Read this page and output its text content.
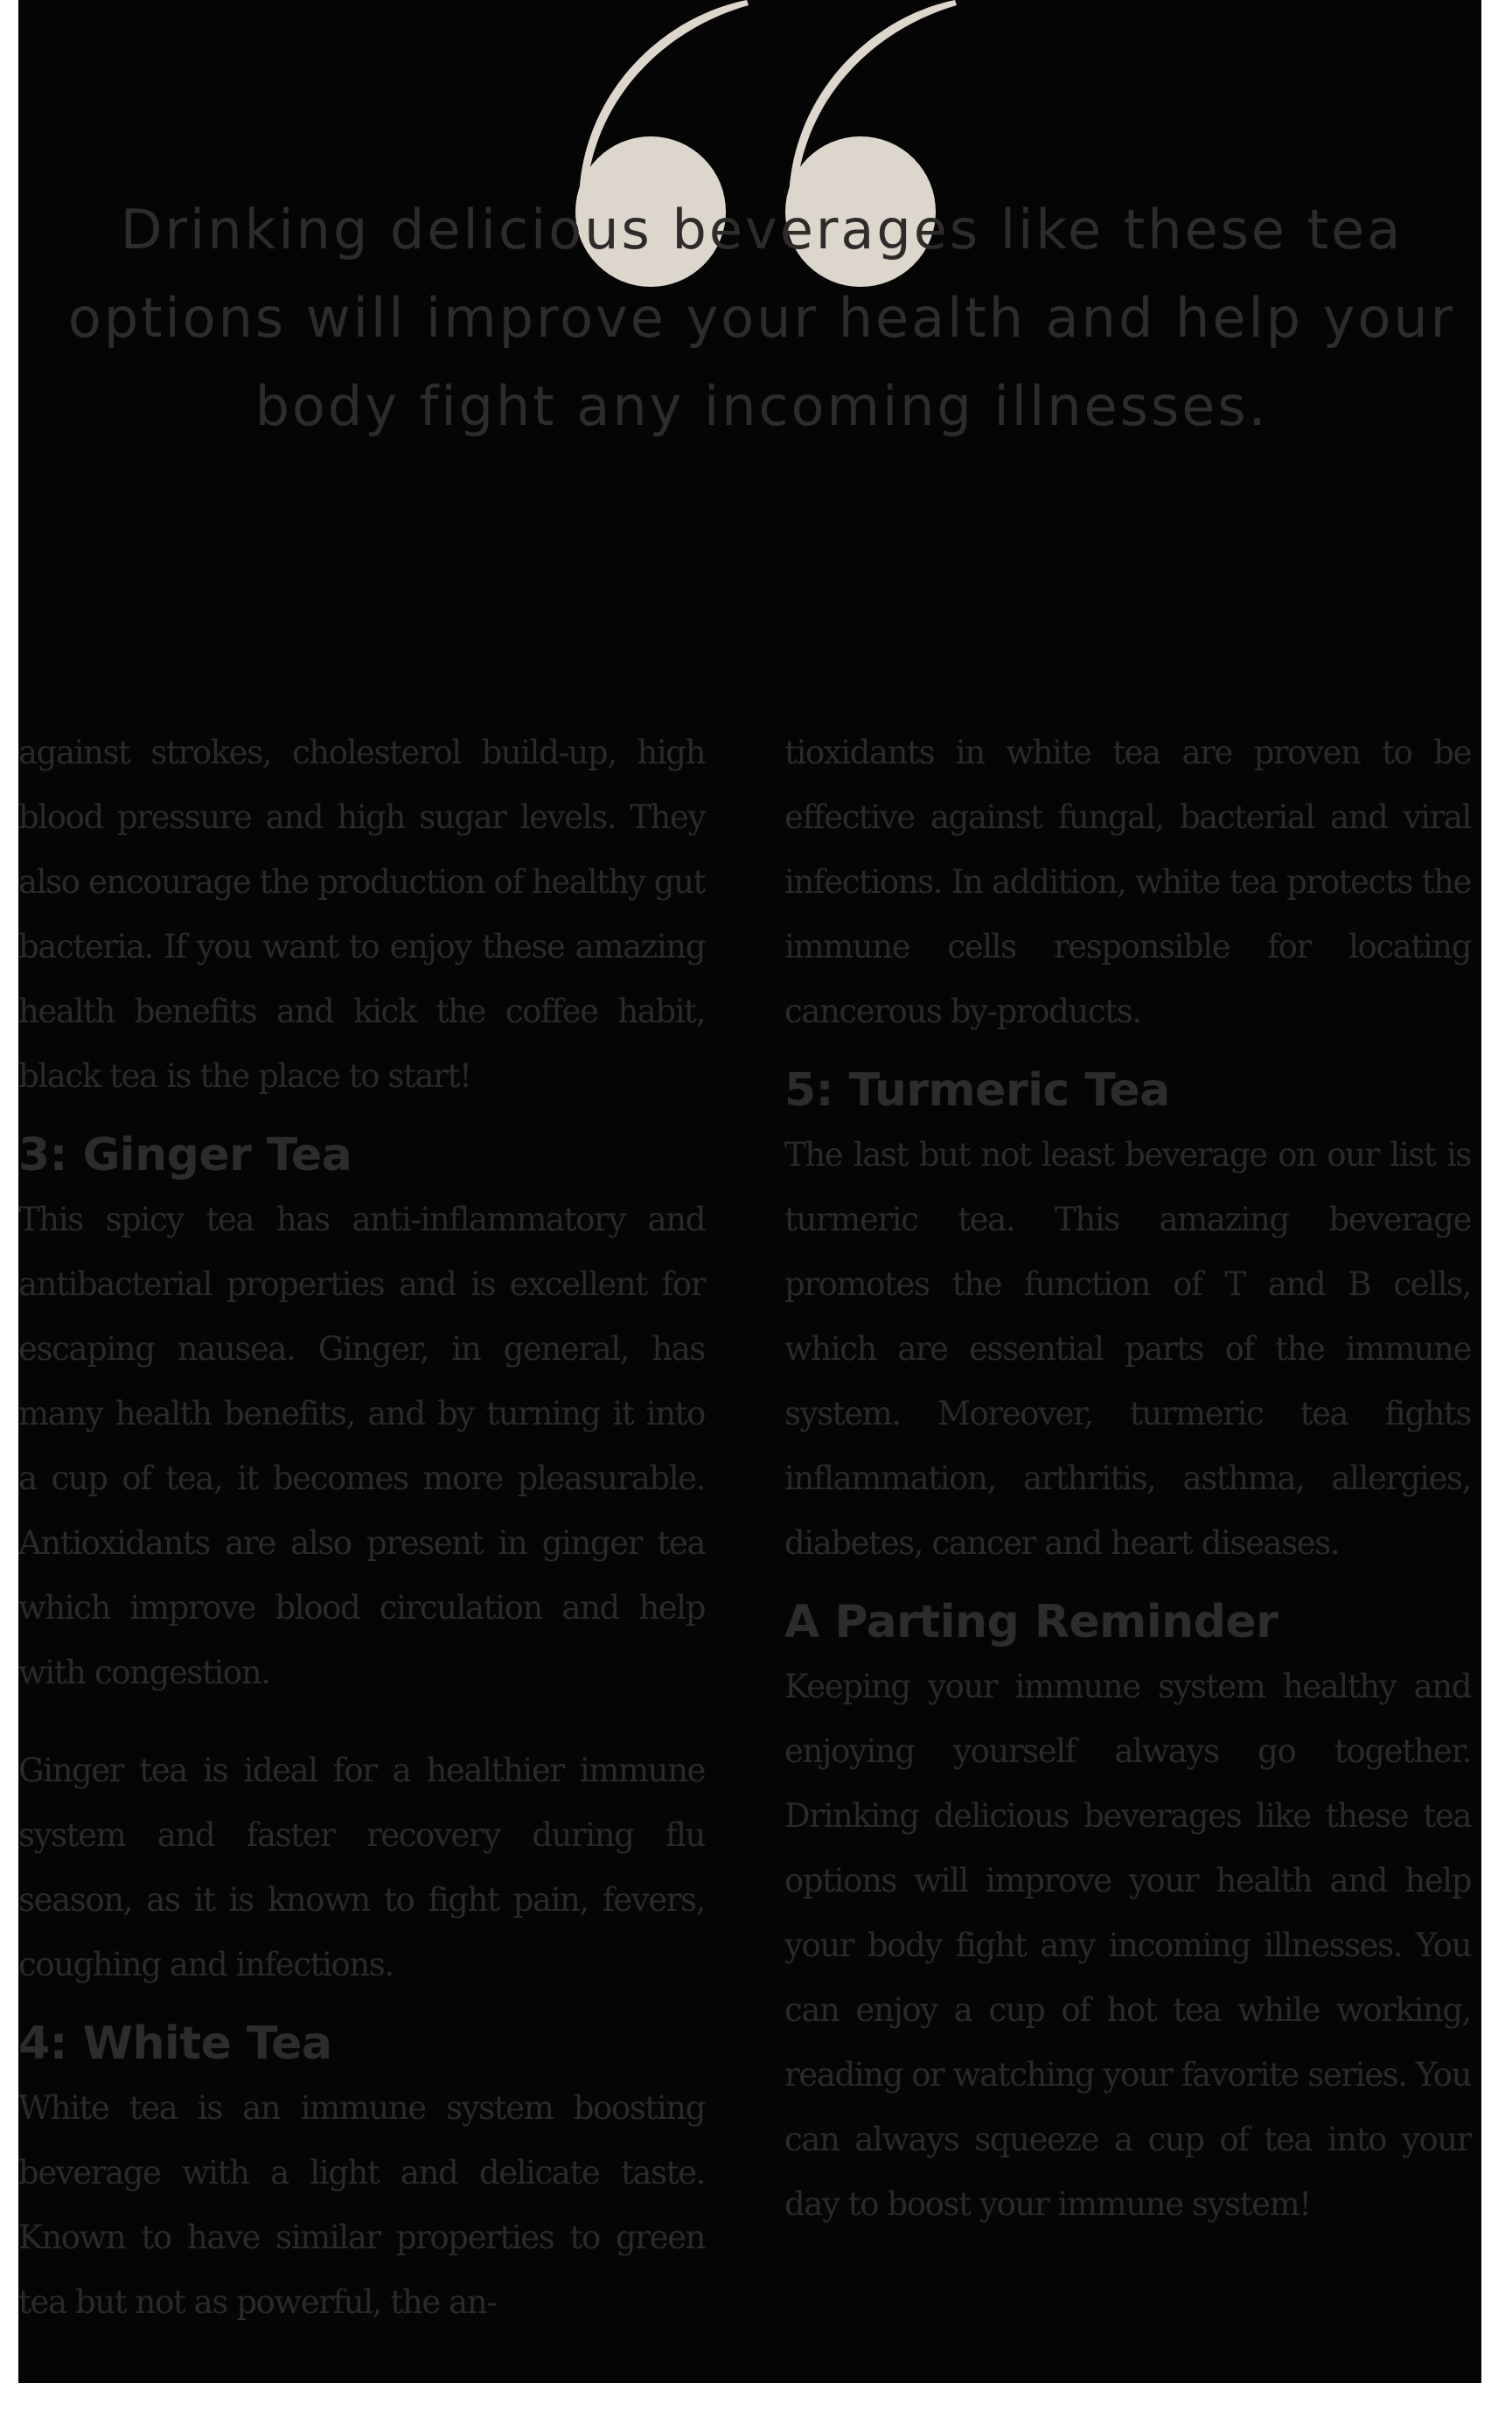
Drinking delicious beverages like these tea
options will improve your health and help your
body fight any incoming illnesses.

against strokes, cholesterol build-up, high blood pressure and high sugar levels. They also encourage the production of healthy gut bacteria. If you want to enjoy these amazing health benefits and kick the coffee habit, black tea is the place to start!

3: Ginger Tea

This spicy tea has anti-inflammatory and antibacterial properties and is excellent for escaping nausea. Ginger, in general, has many health benefits, and by turning it into a cup of tea, it becomes more pleasurable. Antioxidants are also present in ginger tea which improve blood circulation and help with congestion.

Ginger tea is ideal for a healthier immune system and faster recovery during flu season, as it is known to fight pain, fevers, coughing and infections.

4: White Tea

White tea is an immune system boosting beverage with a light and delicate taste. Known to have similar properties to green tea but not as powerful, the an-

tioxidants in white tea are proven to be effective against fungal, bacterial and viral infections. In addition, white tea protects the immune cells responsible for locating cancerous by-products.

5: Turmeric Tea

The last but not least beverage on our list is turmeric tea. This amazing beverage promotes the function of T and B cells, which are essential parts of the immune system. Moreover, turmeric tea fights inflammation, arthritis, asthma, allergies, diabetes, cancer and heart diseases.

A Parting Reminder

Keeping your immune system healthy and enjoying yourself always go together. Drinking delicious beverages like these tea options will improve your health and help your body fight any incoming illnesses. You can enjoy a cup of hot tea while working, reading or watching your favorite series. You can always squeeze a cup of tea into your day to boost your immune system!
